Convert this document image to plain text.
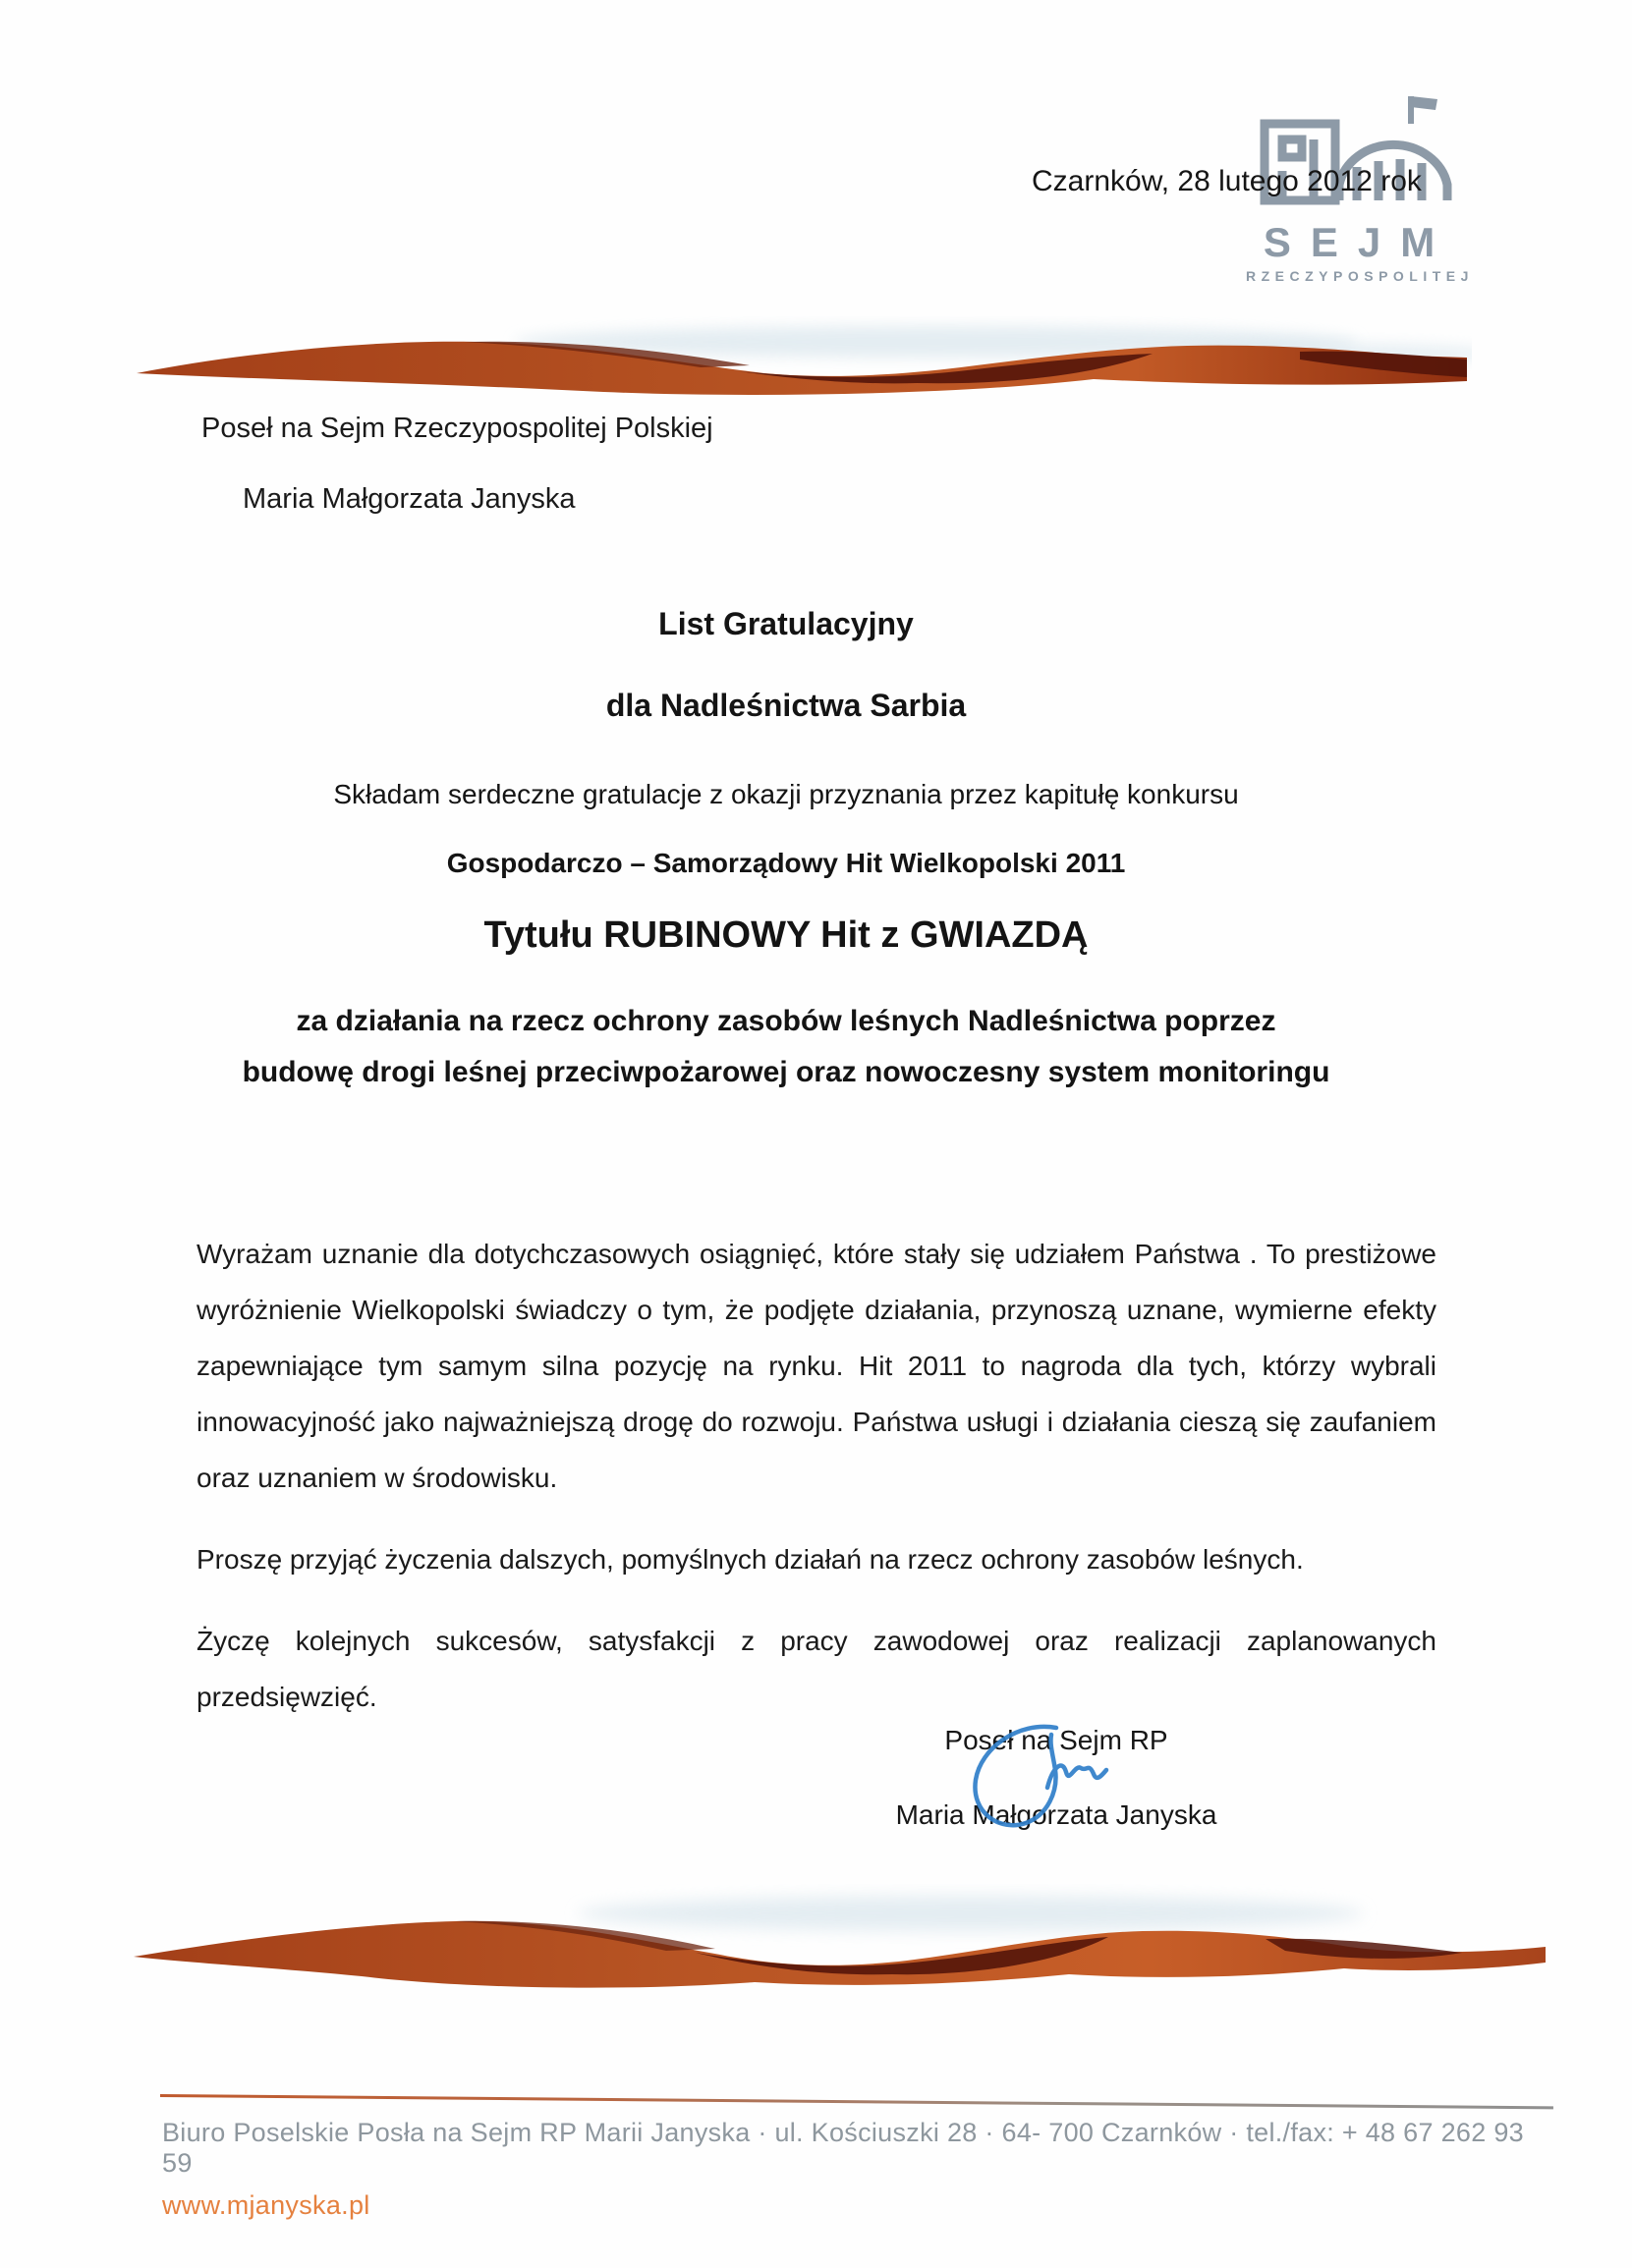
Czarnków, 28 lutego 2012 rok
SEJM
RZECZYPOSPOLITEJ
Poseł na Sejm Rzeczypospolitej Polskiej
Maria Małgorzata Janyska
List Gratulacyjny
dla Nadleśnictwa Sarbia
Składam serdeczne gratulacje z okazji przyznania przez kapitułę konkursu
Gospodarczo – Samorządowy Hit Wielkopolski 2011
Tytułu RUBINOWY Hit z GWIAZDĄ
za działania na rzecz ochrony zasobów leśnych Nadleśnictwa poprzez
budowę drogi leśnej przeciwpożarowej oraz nowoczesny system monitoringu

Wyrażam uznanie dla dotychczasowych osiągnięć, które stały się udziałem Państwa . To prestiżowe wyróżnienie Wielkopolski świadczy o tym, że podjęte działania, przynoszą uznane, wymierne efekty zapewniające tym samym silna pozycję na rynku. Hit 2011 to nagroda dla tych, którzy wybrali innowacyjność jako najważniejszą drogę do rozwoju. Państwa usługi i działania cieszą się zaufaniem oraz uznaniem w środowisku.

Proszę przyjąć życzenia dalszych, pomyślnych działań na rzecz ochrony zasobów leśnych.

Życzę kolejnych sukcesów, satysfakcji z pracy zawodowej oraz realizacji zaplanowanych przedsięwzięć.

Poseł na Sejm RP
Maria Małgorzata Janyska
Biuro Poselskie Posła na Sejm RP Marii Janyska · ul. Kościuszki 28 · 64- 700 Czarnków · tel./fax: + 48 67 262 93 59
www.mjanyska.pl
